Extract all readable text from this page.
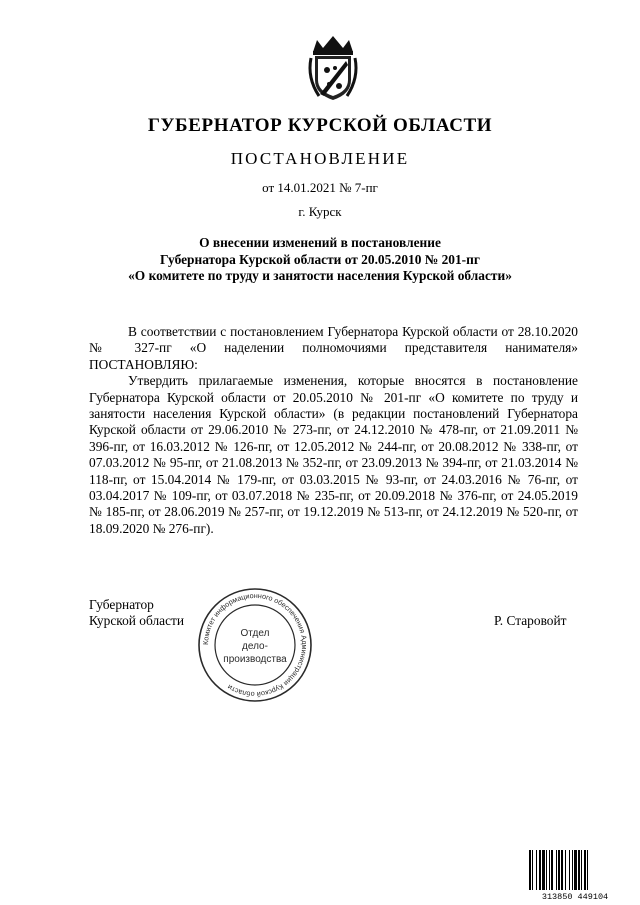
ГУБЕРНАТОР КУРСКОЙ ОБЛАСТИ
ПОСТАНОВЛЕНИЕ
от 14.01.2021 № 7-пг
г. Курск
О внесении изменений в постановление
Губернатора Курской области от 20.05.2010 № 201-пг
«О комитете по труду и занятости населения Курской области»

В соответствии с постановлением Губернатора Курской области от 28.10.2020 № 327-пг «О наделении полномочиями представителя нанимателя» ПОСТАНОВЛЯЮ:

Утвердить прилагаемые изменения, которые вносятся в постановление Губернатора Курской области от 20.05.2010 № 201-пг «О комитете по труду и занятости населения Курской области» (в редакции постановлений Губернатора Курской области от 29.06.2010 № 273-пг, от 24.12.2010 № 478-пг, от 21.09.2011 № 396-пг, от 16.03.2012 № 126-пг, от 12.05.2012 № 244-пг, от 20.08.2012 № 338-пг, от 07.03.2012 № 95-пг, от 21.08.2013 № 352-пг, от 23.09.2013 № 394-пг, от 21.03.2014 № 118-пг, от 15.04.2014 № 179-пг, от 03.03.2015 № 93-пг, от 24.03.2016 № 76-пг, от 03.04.2017 № 109-пг, от 03.07.2018 № 235-пг, от 20.09.2018 № 376-пг, от 24.05.2019 № 185-пг, от 28.06.2019 № 257-пг, от 19.12.2019 № 513-пг, от 24.12.2019 № 520-пг, от 18.09.2020 № 276-пг).

Губернатор
Курской области
Комитет информационного обеспечения Администрации Курской области
Отдел
дело-
производства
Р. Старовойт
313850 449104
